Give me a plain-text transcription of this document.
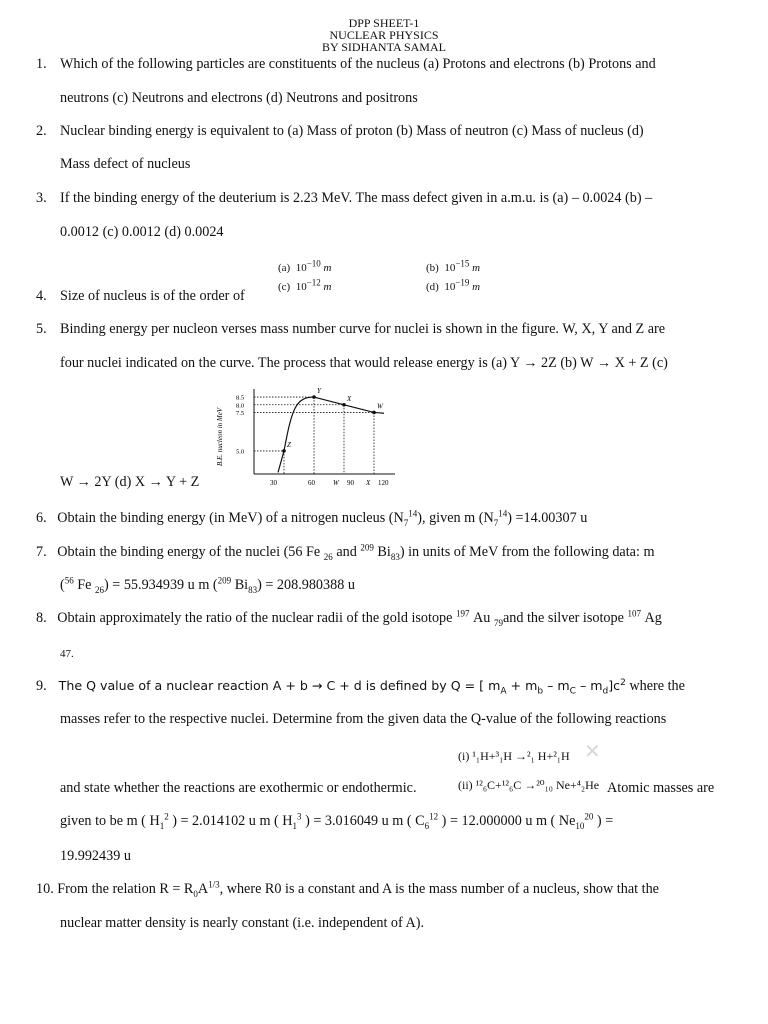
DPP SHEET-1
NUCLEAR PHYSICS
BY SIDHANTA SAMAL
1. Which of the following particles are constituents of the nucleus (a) Protons and electrons (b) Protons and
neutrons (c) Neutrons and electrons (d) Neutrons and positrons
2. Nuclear binding energy is equivalent to (a) Mass of proton (b) Mass of neutron (c) Mass of nucleus (d)
Mass defect of nucleus
3. If the binding energy of the deuterium is 2.23 MeV. The mass defect given in a.m.u. is (a) – 0.0024 (b) –
0.0012 (c) 0.0012 (d) 0.0024
4. Size of nucleus is of the order of
(a) $10^{-10}$ m	(b) $10^{-15}$ m
(c) $10^{-12}$ m	(d) $10^{-19}$ m
5. Binding energy per nucleon verses mass number curve for nuclei is shown in the figure. W, X, Y and Z are
four nuclei indicated on the curve. The process that would release energy is (a) Y → 2Z (b) W → X + Z (c)
W → 2Y (d) X → Y + Z
B.E. nucleon in MeV	Z
Y
X
W
8.5
8.0
7.5
5.0
30	60	W 90 X 120
6. Obtain the binding energy (in MeV) of a nitrogen nucleus $(N_7^{14})$, given m $(N_7^{14}) =14.00307$ u
7. Obtain the binding energy of the nuclei (56 Fe $_{26}$ and $^{209}$ $Bi_{83}$) in units of MeV from the following data: m
($^{56}$ Fe $_{26}$) = 55.934939 u m ($^{209}$ $Bi_{83}) = 208.980388$ u
8. Obtain approximately the ratio of the nuclear radii of the gold isotope $^{197}$ Au $_{79}$and the silver isotope $^{107}$ Ag
47.
9. The Q value of a nuclear reaction A + b → C + d is defined by Q = [ $m_A + m_b - m_C - m_d]c^2$ where the
masses refer to the respective nuclei. Determine from the given data the Q-value of the following reactions
(i) ¹₁H+³₁H →²₁ H+²₁H
(ii) ¹²₆C+¹²₆C →²⁰₁₀ Ne+⁴₂He
✕
and state whether the reactions are exothermic or endothermic.	Atomic masses are
given to be m ( $H_1^2$ ) = 2.014102 u m ( $H_1^3$ ) = 3.016049 u m ( $C_6^{12}$ ) = 12.000000 u m ( $Ne_{10}^{20}$ ) =
19.992439 u
10. From the relation $R = R_0A^{1/3}$, where R0 is a constant and A is the mass number of a nucleus, show that the
nuclear matter density is nearly constant (i.e. independent of A).
